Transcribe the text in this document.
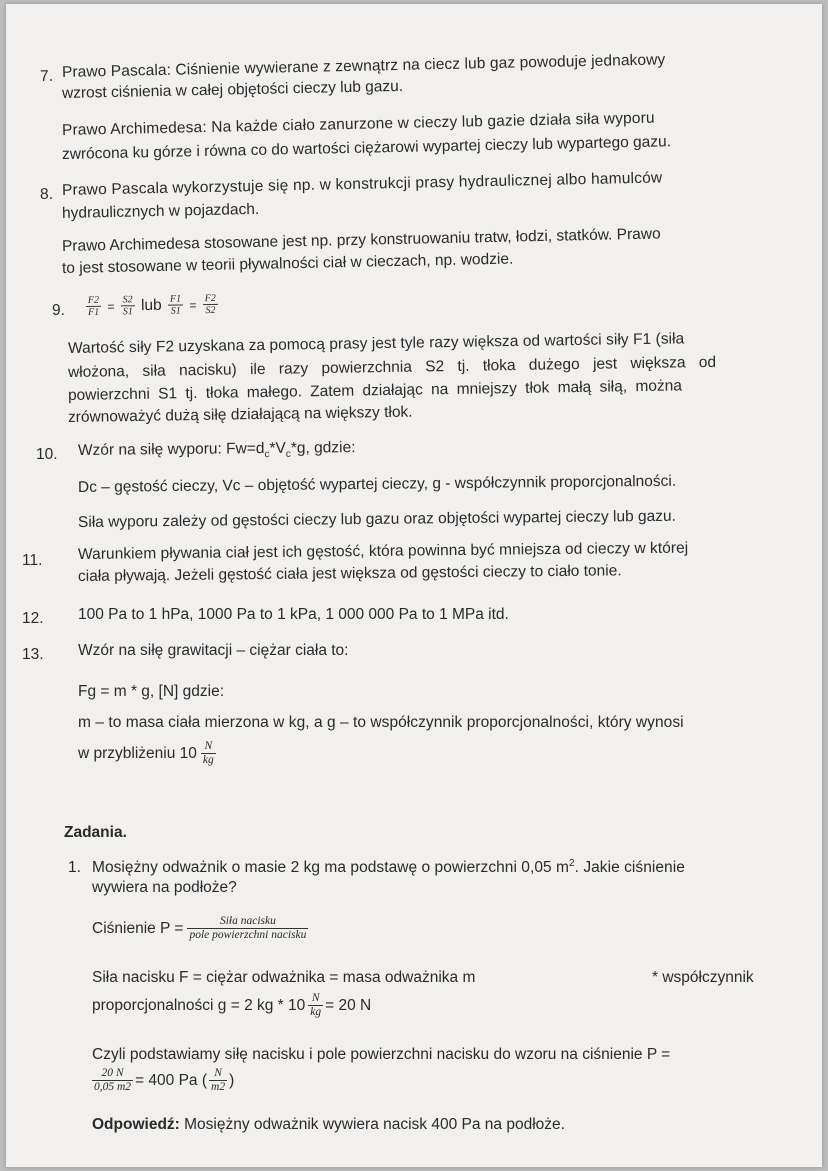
7. Prawo Pascala: Ciśnienie wywierane z zewnątrz na ciecz lub gaz powoduje jednakowy
wzrost ciśnienia w całej objętości cieczy lub gazu.
Prawo Archimedesa: Na każde ciało zanurzone w cieczy lub gazie działa siła wyporu
zwrócona ku górze i równa co do wartości ciężarowi wypartej cieczy lub wypartego gazu.
8. Prawo Pascala wykorzystuje się np. w konstrukcji prasy hydraulicznej albo hamulców
hydraulicznych w pojazdach.
Prawo Archimedesa stosowane jest np. przy konstruowaniu tratw, łodzi, statków. Prawo
to jest stosowane w teorii pływalności ciał w cieczach, np. wodzie.
9. $\frac{F2}{F1} = \frac{S2}{S1}$ lub $\frac{F1}{S1} = \frac{F2}{S2}$
Wartość siły F2 uzyskana za pomocą prasy jest tyle razy większa od wartości siły F1 (siła
włożona, siła nacisku) ile razy powierzchnia S2 tj. tłoka dużego jest większa od
powierzchni S1 tj. tłoka małego. Zatem działając na mniejszy tłok małą siłą, można
zrównoważyć dużą siłę działającą na większy tłok.
10. Wzór na siłę wyporu: $Fw=d_c*V_c*g$, gdzie:
Dc – gęstość cieczy, Vc – objętość wypartej cieczy, g - współczynnik proporcjonalności.
Siła wyporu zależy od gęstości cieczy lub gazu oraz objętości wypartej cieczy lub gazu.
11. Warunkiem pływania ciał jest ich gęstość, która powinna być mniejsza od cieczy w której
ciała pływają. Jeżeli gęstość ciała jest większa od gęstości cieczy to ciało tonie.
12. 100 Pa to 1 hPa, 1000 Pa to 1 kPa, 1 000 000 Pa to 1 MPa itd.
13. Wzór na siłę grawitacji – ciężar ciała to:
Fg = m * g, [N] gdzie:
m – to masa ciała mierzona w kg, a g – to współczynnik proporcjonalności, który wynosi
w przybliżeniu $10 \frac{N}{kg}$
Zadania.
1. Mosiężny odważnik o masie 2 kg ma podstawę o powierzchni 0,05 $m^2$. Jakie ciśnienie
wywiera na podłoże?
Ciśnienie $P = \frac{\text{Siła nacisku}}{\text{pole powierzchni nacisku}}$
Siła nacisku F = ciężar odważnika = masa odważnika m	* współczynnik
proporcjonalności g = 2 kg * $10 \frac{N}{kg} = 20$ N
Czyli podstawiamy siłę nacisku i pole powierzchni nacisku do wzoru na ciśnienie P =
$\frac{20 N}{0,05 m2} = 400$ Pa ( $\frac{N}{m2}$ )
Odpowiedź: Mosiężny odważnik wywiera nacisk 400 Pa na podłoże.
